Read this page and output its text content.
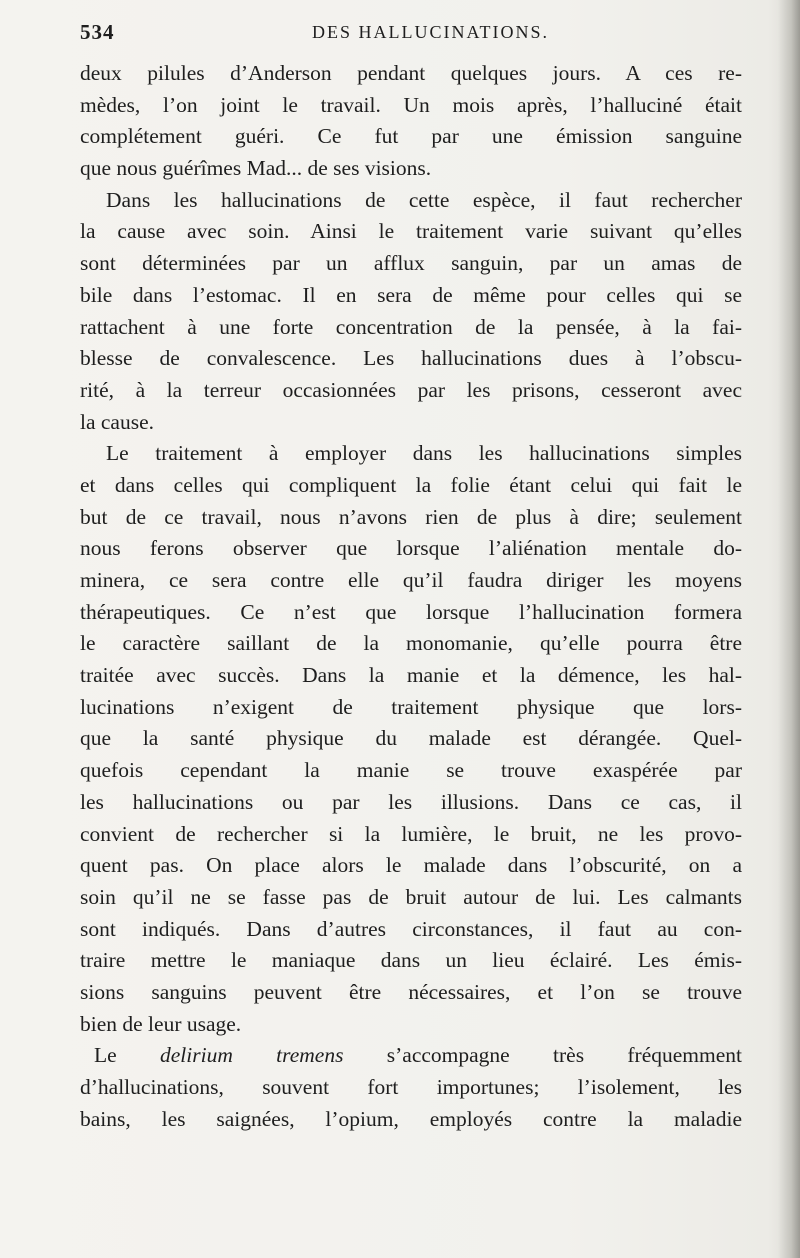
534	DES HALLUCINATIONS.
deux pilules d’Anderson pendant quelques jours. A ces re-
mèdes, l’on joint le travail. Un mois après, l’halluciné était
complétement guéri. Ce fut par une émission sanguine
que nous guérîmes Mad... de ses visions.
Dans les hallucinations de cette espèce, il faut rechercher
la cause avec soin. Ainsi le traitement varie suivant qu’elles
sont déterminées par un afflux sanguin, par un amas de
bile dans l’estomac. Il en sera de même pour celles qui se
rattachent à une forte concentration de la pensée, à la fai-
blesse de convalescence. Les hallucinations dues à l’obscu-
rité, à la terreur occasionnées par les prisons, cesseront avec
la cause.
Le traitement à employer dans les hallucinations simples
et dans celles qui compliquent la folie étant celui qui fait le
but de ce travail, nous n’avons rien de plus à dire; seulement
nous ferons observer que lorsque l’aliénation mentale do-
minera, ce sera contre elle qu’il faudra diriger les moyens
thérapeutiques. Ce n’est que lorsque l’hallucination formera
le caractère saillant de la monomanie, qu’elle pourra être
traitée avec succès. Dans la manie et la démence, les hal-
lucinations n’exigent de traitement physique que lors-
que la santé physique du malade est dérangée. Quel-
quefois cependant la manie se trouve exaspérée par
les hallucinations ou par les illusions. Dans ce cas, il
convient de rechercher si la lumière, le bruit, ne les provo-
quent pas. On place alors le malade dans l’obscurité, on a
soin qu’il ne se fasse pas de bruit autour de lui. Les calmants
sont indiqués. Dans d’autres circonstances, il faut au con-
traire mettre le maniaque dans un lieu éclairé. Les émis-
sions sanguins peuvent être nécessaires, et l’on se trouve
bien de leur usage.
Le delirium tremens s’accompagne très fréquemment
d’hallucinations, souvent fort importunes; l’isolement, les
bains, les saignées, l’opium, employés contre la maladie
